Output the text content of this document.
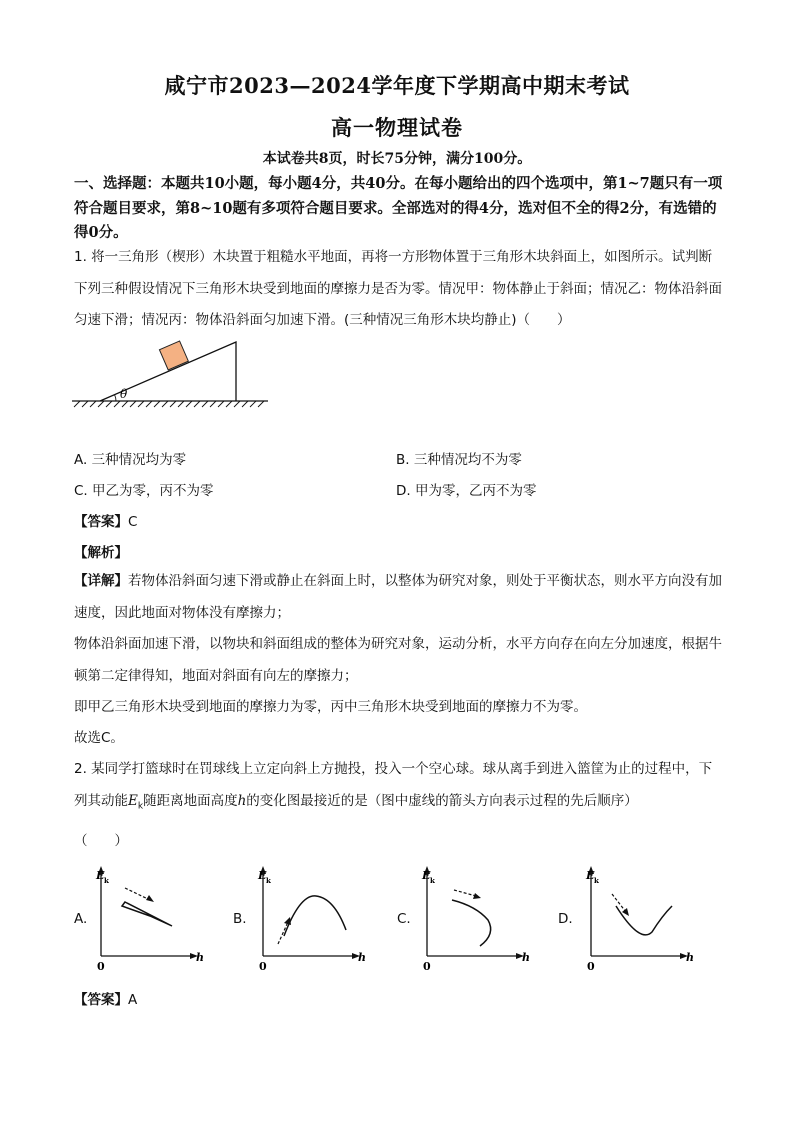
咸宁市2023—2024学年度下学期高中期末考试
高一物理试卷
本试卷共8页，时长75分钟，满分100分。
一、选择题：本题共10小题，每小题4分，共40分。在每小题给出的四个选项中，第1~7题只有一项符合题目要求，第8~10题有多项符合题目要求。全部选对的得4分，选对但不全的得2分，有选错的得0分。
1. 将一三角形（楔形）木块置于粗糙水平地面，再将一方形物体置于三角形木块斜面上，如图所示。试判断下列三种假设情况下三角形木块受到地面的摩擦力是否为零。情况甲：物体静止于斜面；情况乙：物体沿斜面匀速下滑；情况丙：物体沿斜面匀加速下滑。(三种情况三角形木块均静止)（　　）
θ
A. 三种情况均为零	B. 三种情况均不为零
C. 甲乙为零，丙不为零	D. 甲为零，乙丙不为零
【答案】C
【解析】
【详解】若物体沿斜面匀速下滑或静止在斜面上时，以整体为研究对象，则处于平衡状态，则水平方向没有加速度，因此地面对物体没有摩擦力；
物体沿斜面加速下滑，以物块和斜面组成的整体为研究对象，运动分析，水平方向存在向左分加速度，根据牛顿第二定律得知，地面对斜面有向左的摩擦力；
即甲乙三角形木块受到地面的摩擦力为零，丙中三角形木块受到地面的摩擦力不为零。
故选C。
2. 某同学打篮球时在罚球线上立定向斜上方抛投，投入一个空心球。球从离手到进入篮筐为止的过程中，下列其动能$E_k$随距离地面高度h的变化图最接近的是（图中虚线的箭头方向表示过程的先后顺序）
（　　）
A.
E k
0
h
B.
E k
0
h
C.
E k
0
h
D.
E k
0
h
【答案】A
